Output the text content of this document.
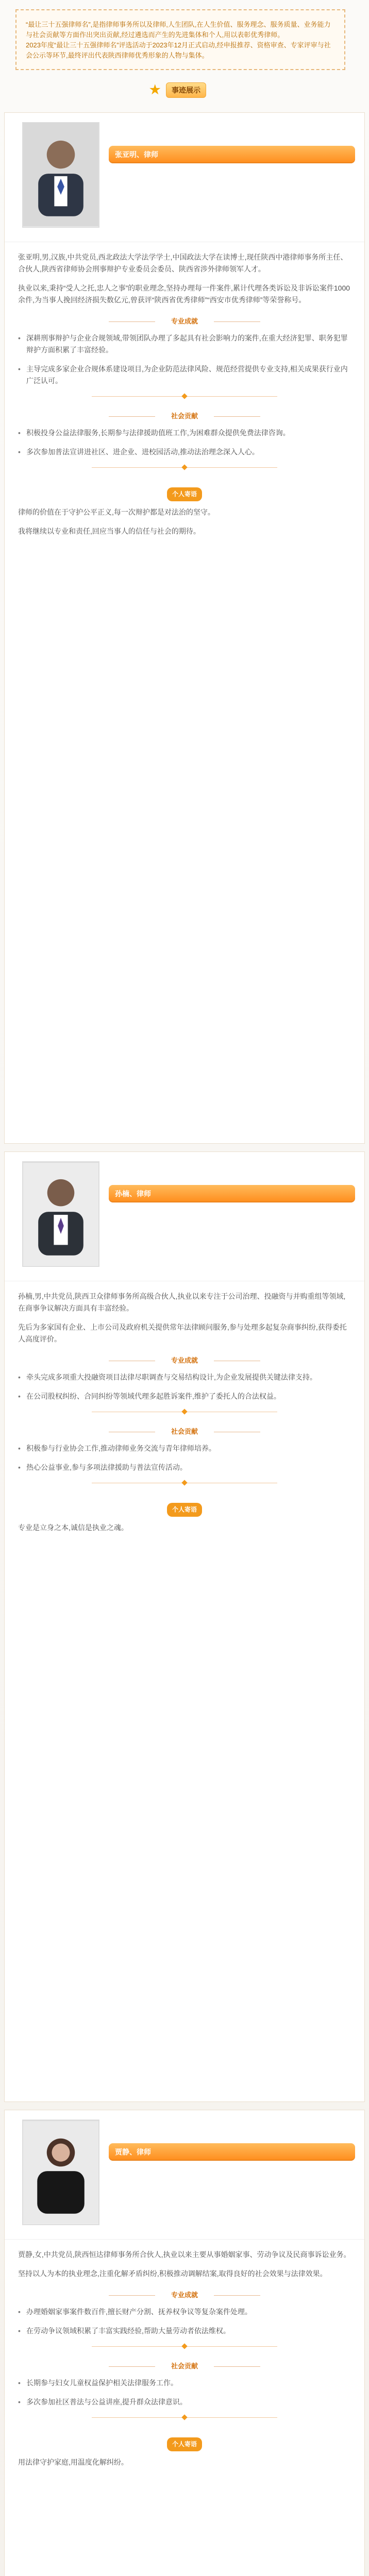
“最让三十五强律师名”,是指律师事务所以及律师,人生团队,在人生价值、服务理念、服务质量、业务能力与社会贡献等方面作出突出贡献,经过遴选而产生的先进集体和个人,用以表彰优秀律师。
2023年度“最让三十五强律师名”评选活动于2023年12月正式启动,经申报推荐、资格审查、专家评审与社会公示等环节,最终评出代表陕西律师优秀形象的人物与集体。

★	事迹展示
张亚明、律师

张亚明,男,汉族,中共党员,西北政法大学法学学士,中国政法大学在读博士,现任陕西中港律师事务所主任、合伙人,陕西省律师协会刑事辩护专业委员会委员、陕西省涉外律师领军人才。

执业以来,秉持“受人之托,忠人之事”的职业理念,坚持办理每一件案件,累计代理各类诉讼及非诉讼案件1000余件,为当事人挽回经济损失数亿元,曾获评“陕西省优秀律师”“西安市优秀律师”等荣誉称号。

专业成就

• 深耕刑事辩护与企业合规领域,带领团队办理了多起具有社会影响力的案件,在重大经济犯罪、职务犯罪辩护方面积累了丰富经验。

• 主导完成多家企业合规体系建设项目,为企业防范法律风险、规范经营提供专业支持,相关成果获行业内广泛认可。

社会贡献

• 积极投身公益法律服务,长期参与法律援助值班工作,为困难群众提供免费法律咨询。

• 多次参加普法宣讲进社区、进企业、进校园活动,推动法治理念深入人心。

个人寄语

律师的价值在于守护公平正义,每一次辩护都是对法治的坚守。

我将继续以专业和责任,回应当事人的信任与社会的期待。

孙楠、律师

孙楠,男,中共党员,陕西卫众律师事务所高级合伙人,执业以来专注于公司治理、投融资与并购重组等领域,在商事争议解决方面具有丰富经验。

先后为多家国有企业、上市公司及政府机关提供常年法律顾问服务,参与处理多起复杂商事纠纷,获得委托人高度评价。

专业成就

• 牵头完成多项重大投融资项目法律尽职调查与交易结构设计,为企业发展提供关键法律支持。

• 在公司股权纠纷、合同纠纷等领域代理多起胜诉案件,维护了委托人的合法权益。

社会贡献

• 积极参与行业协会工作,推动律师业务交流与青年律师培养。

• 热心公益事业,参与多项法律援助与普法宣传活动。

个人寄语

专业是立身之本,诚信是执业之魂。

贾静、律师

贾静,女,中共党员,陕西恒达律师事务所合伙人,执业以来主要从事婚姻家事、劳动争议及民商事诉讼业务。

坚持以人为本的执业理念,注重化解矛盾纠纷,积极推动调解结案,取得良好的社会效果与法律效果。

专业成就

• 办理婚姻家事案件数百件,擅长财产分割、抚养权争议等复杂案件处理。

• 在劳动争议领域积累了丰富实践经验,帮助大量劳动者依法维权。

社会贡献

• 长期参与妇女儿童权益保护相关法律服务工作。

• 多次参加社区普法与公益讲座,提升群众法律意识。

个人寄语

用法律守护家庭,用温度化解纠纷。
